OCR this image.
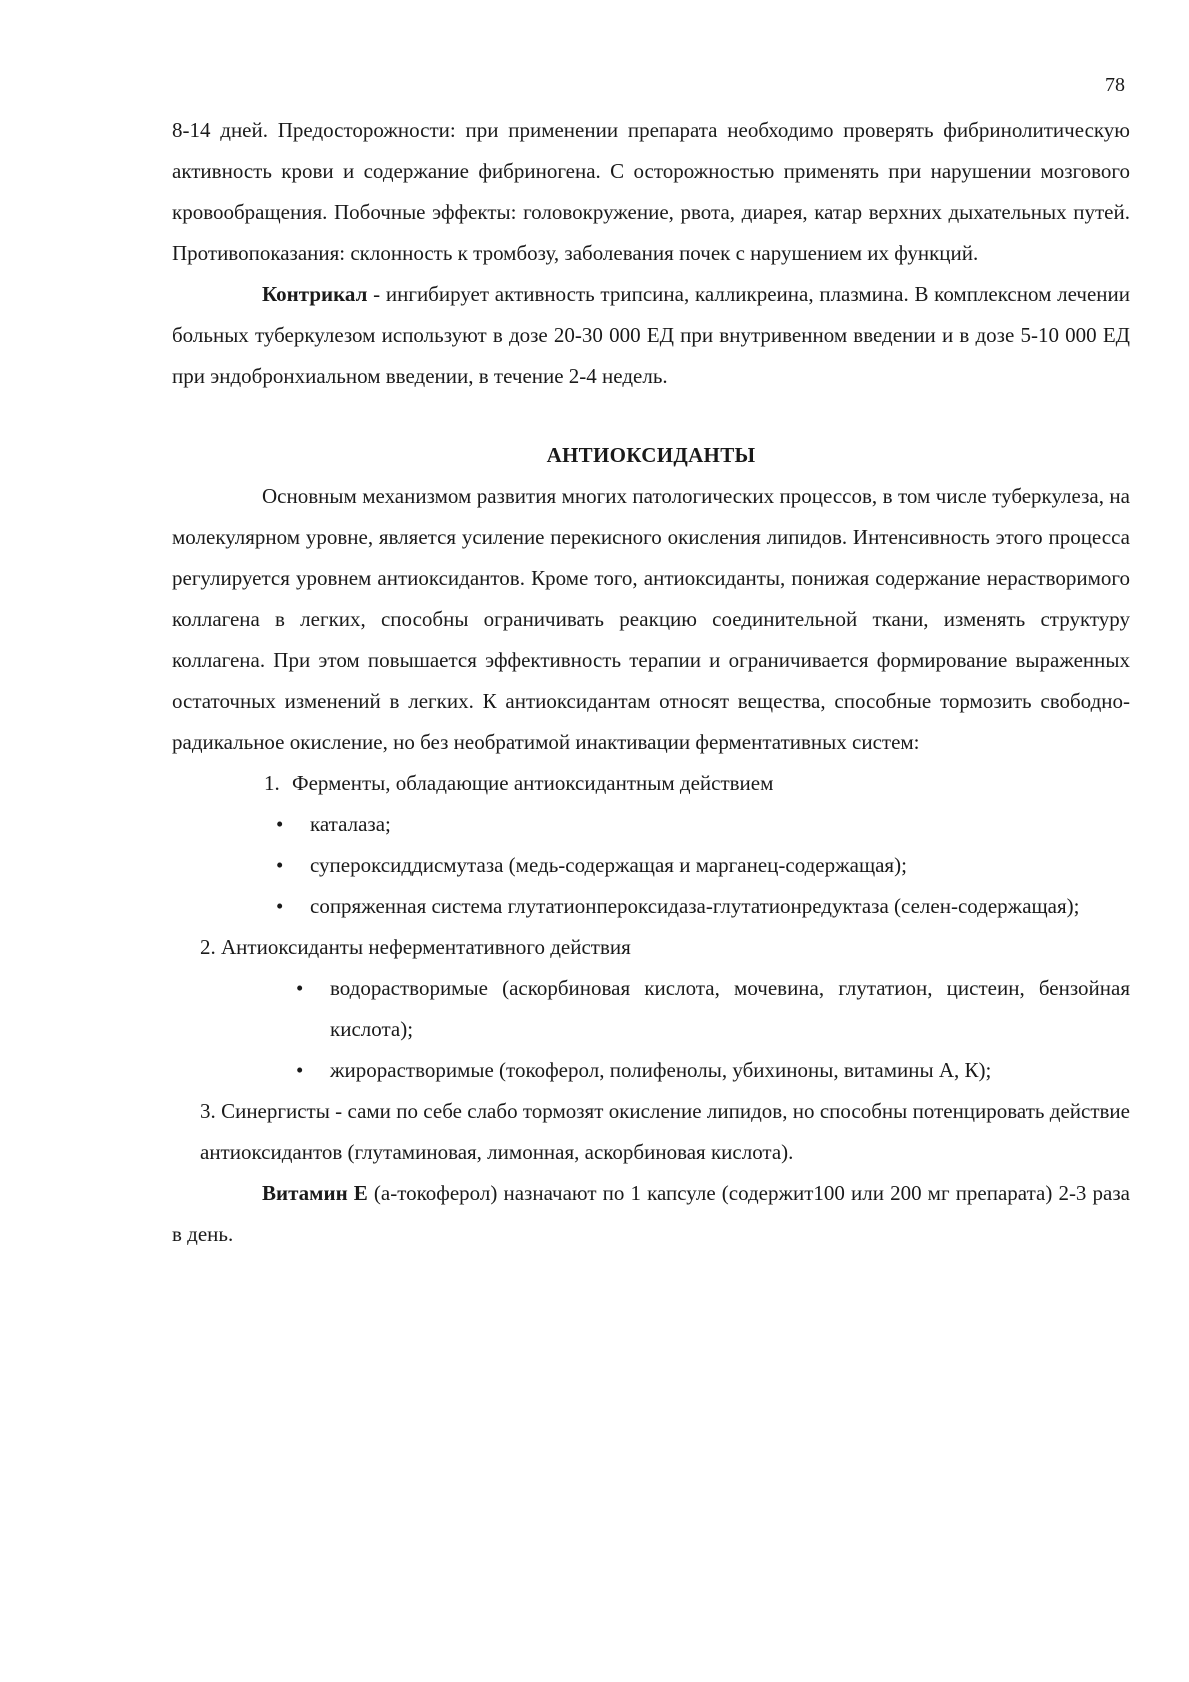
78

8-14 дней. Предосторожности: при применении препарата необходимо проверять фибринолитическую активность крови и содержание фибриногена. С осторожностью применять при нарушении мозгового кровообращения. Побочные эффекты: головокружение, рвота, диарея, катар верхних дыхательных путей. Противопоказания: склонность к тромбозу, заболевания почек с нарушением их функций.

Контрикал - ингибирует активность трипсина, калликреина, плазмина. В комплексном лечении больных туберкулезом используют в дозе 20-30 000 ЕД при внутривенном введении и в дозе 5-10 000 ЕД при эндобронхиальном введении, в течение 2-4 недель.

АНТИОКСИДАНТЫ

Основным механизмом развития многих патологических процессов, в том числе туберкулеза, на молекулярном уровне, является усиление перекисного окисления липидов. Интенсивность этого процесса регулируется уровнем антиоксидантов. Кроме того, антиоксиданты, понижая содержание нерастворимого коллагена в легких, способны ограничивать реакцию соединительной ткани, изменять структуру коллагена. При этом повышается эффективность терапии и ограничивается формирование выраженных остаточных изменений в легких. К антиоксидантам относят вещества, способные тормозить свободно-радикальное окисление, но без необратимой инактивации ферментативных систем:

1. Ферменты, обладающие антиоксидантным действием
•	каталаза;
•	супероксиддисмутаза (медь-содержащая и марганец-содержащая);
•	сопряженная система глутатионпероксидаза-глутатионредуктаза (селен-содержащая);
2. Антиоксиданты неферментативного действия
•	водорастворимые (аскорбиновая кислота, мочевина, глутатион, цистеин, бензойная кислота);
•	жирорастворимые (токоферол, полифенолы, убихиноны, витамины А, К);

3. Синергисты - сами по себе слабо тормозят окисление липидов, но способны потенцировать действие антиоксидантов (глутаминовая, лимонная, аскорбиновая кислота).

Витамин Е (а-токоферол) назначают по 1 капсуле (содержит100 или 200 мг препарата) 2-3 раза в день.
